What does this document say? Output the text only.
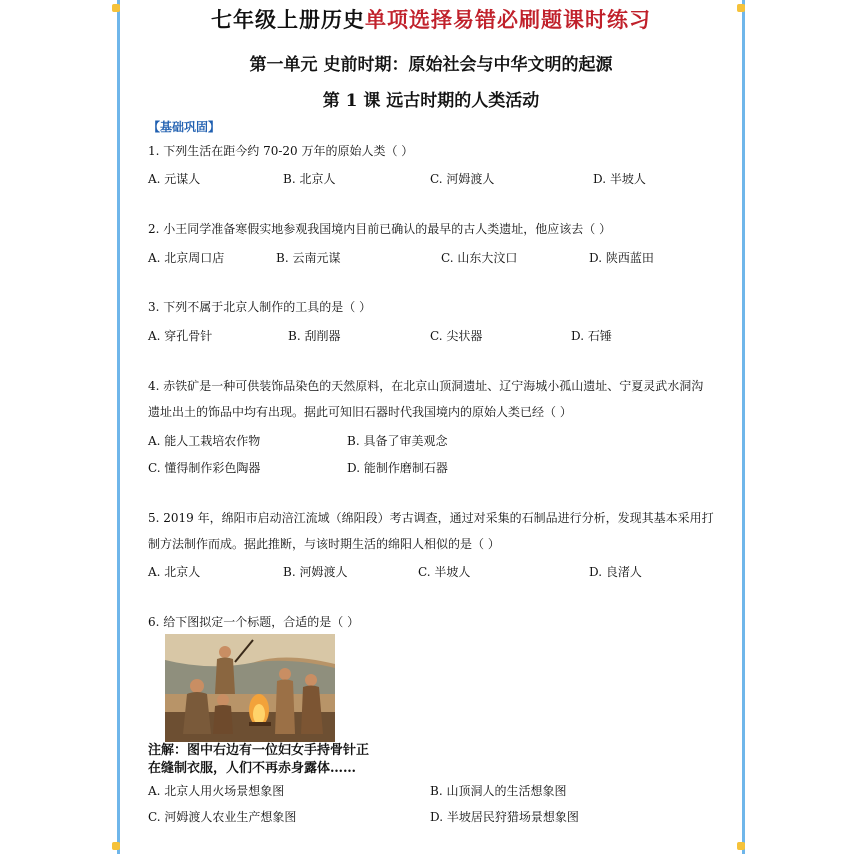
七年级上册历史单项选择易错必刷题课时练习
第一单元 史前时期：原始社会与中华文明的起源
第 1 课 远古时期的人类活动
【基础巩固】
1. 下列生活在距今约 70-20 万年的原始人类（ ）
A. 元谋人	B. 北京人	C. 河姆渡人	D. 半坡人
2. 小王同学准备寒假实地参观我国境内目前已确认的最早的古人类遗址，他应该去（ ）
A. 北京周口店	B. 云南元谋	C. 山东大汶口	D. 陕西蓝田
3. 下列不属于北京人制作的工具的是（ ）
A. 穿孔骨针	B. 刮削器	C. 尖状器	D. 石锤
4. 赤铁矿是一种可供装饰品染色的天然原料，在北京山顶洞遗址、辽宁海城小孤山遗址、宁夏灵武水洞沟
遗址出土的饰品中均有出现。据此可知旧石器时代我国境内的原始人类已经（ ）
A. 能人工栽培农作物	B. 具备了审美观念
C. 懂得制作彩色陶器	D. 能制作磨制石器
5. 2019 年，绵阳市启动涪江流域（绵阳段）考古调查，通过对采集的石制品进行分析，发现其基本采用打
制方法制作而成。据此推断，与该时期生活的绵阳人相似的是（ ）
A. 北京人	B. 河姆渡人	C. 半坡人	D. 良渚人
6. 给下图拟定一个标题，合适的是（ ）
注解：图中右边有一位妇女手持骨针正
在缝制衣服，人们不再赤身露体……
A. 北京人用火场景想象图	B. 山顶洞人的生活想象图
C. 河姆渡人农业生产想象图	D. 半坡居民狩猎场景想象图
